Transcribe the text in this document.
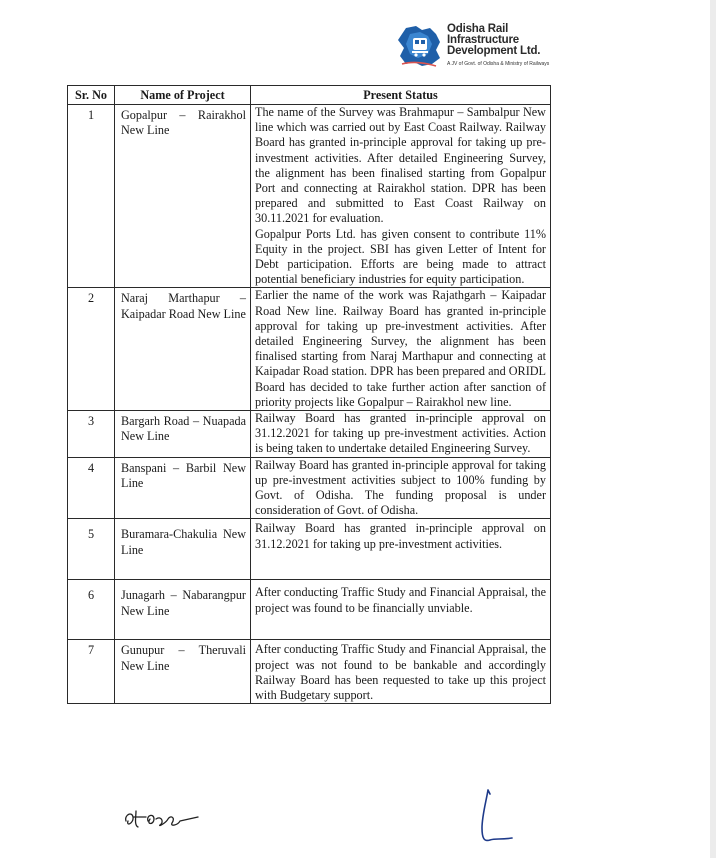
Odisha Rail Infrastructure Development Ltd.
A JV of Govt. of Odisha & Ministry of Railways
Sr. No	Name of Project	Present Status
1	Gopalpur – Rairakhol New Line	The name of the Survey was Brahmapur – Sambalpur New line which was carried out by East Coast Railway. Railway Board has granted in-principle approval for taking up pre-investment activities. After detailed Engineering Survey, the alignment has been finalised starting from Gopalpur Port and connecting at Rairakhol station. DPR has been prepared and submitted to East Coast Railway on 30.11.2021 for evaluation.

Gopalpur Ports Ltd. has given consent to contribute 11% Equity in the project. SBI has given Letter of Intent for Debt participation. Efforts are being made to attract potential beneficiary industries for equity participation.

2	Naraj Marthapur – Kaipadar Road New Line	Earlier the name of the work was Rajathgarh – Kaipadar Road New line. Railway Board has granted in-principle approval for taking up pre-investment activities. After detailed Engineering Survey, the alignment has been finalised starting from Naraj Marthapur and connecting at Kaipadar Road station. DPR has been prepared and ORIDL Board has decided to take further action after sanction of priority projects like Gopalpur – Rairakhol new line.

3	Bargarh Road – Nuapada New Line	Railway Board has granted in-principle approval on 31.12.2021 for taking up pre-investment activities. Action is being taken to undertake detailed Engineering Survey.

4	Banspani – Barbil New Line	Railway Board has granted in-principle approval for taking up pre-investment activities subject to 100% funding by Govt. of Odisha. The funding proposal is under consideration of Govt. of Odisha.

5	Buramara-Chakulia New Line	Railway Board has granted in-principle approval on 31.12.2021 for taking up pre-investment activities.

6	Junagarh – Nabarangpur New Line	After conducting Traffic Study and Financial Appraisal, the project was found to be financially unviable.

7	Gunupur – Theruvali New Line	After conducting Traffic Study and Financial Appraisal, the project was not found to be bankable and accordingly Railway Board has been requested to take up this project with Budgetary support.
